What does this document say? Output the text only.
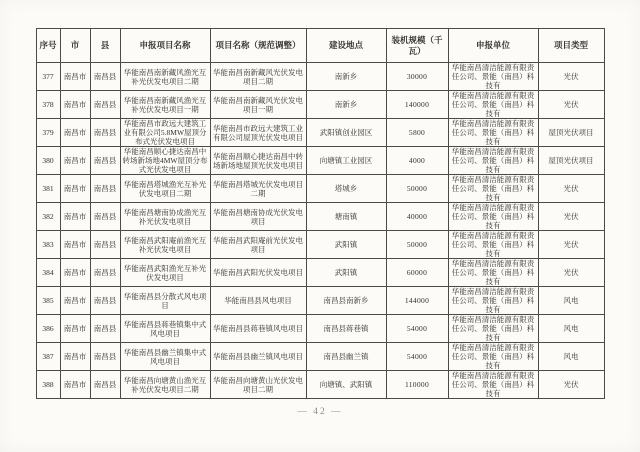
序号	市	县	申报项目名称	项目名称（规范调整）	建设地点	装机规模（千瓦）	申报单位	项目类型
377	南昌市	南昌县	华能南昌南新藏风渔光互补光伏发电项目二期	华能南昌南新藏风光伏发电项目二期	南新乡	30000	华能南昌清洁能源有限责任公司、景能（南昌）科技有	光伏
378	南昌市	南昌县	华能南昌南新藏风渔光互补光伏发电项目一期	华能南昌南新藏风光伏发电项目一期	南新乡	140000	华能南昌清洁能源有限责任公司、景能（南昌）科技有	光伏
379	南昌市	南昌县	华能南昌市政远大建筑工业有限公司5.8MW屋顶分布式光伏发电项目	华能南昌市政远大建筑工业有限公司屋顶光伏发电项目	武阳镇创业园区	5800	华能南昌清洁能源有限责任公司、景能（南昌）科技有	屋顶光伏项目
380	南昌市	南昌县	华能南昌顺心捷达南昌中转场新场地4MW屋顶分布式光伏发电项目	华能南昌顺心捷达南昌中转场新场地屋顶光伏发电项目	向塘镇工业园区	4000	华能南昌清洁能源有限责任公司、景能（南昌）科技有	屋顶光伏项目
381	南昌市	南昌县	华能南昌塔城渔光互补光伏发电项目二期	华能南昌塔城光伏发电项目二期	塔城乡	50000	华能南昌清洁能源有限责任公司、景能（南昌）科技有	光伏
382	南昌市	南昌县	华能南昌塘南协成渔光互补光伏发电项目	华能南昌塘南协成光伏发电项目	塘南镇	40000	华能南昌清洁能源有限责任公司、景能（南昌）科技有	光伏
383	南昌市	南昌县	华能南昌武阳庵前渔光互补光伏发电项目	华能南昌武阳庵前光伏发电项目	武阳镇	50000	华能南昌清洁能源有限责任公司、景能（南昌）科技有	光伏
384	南昌市	南昌县	华能南昌武阳渔光互补光伏发电项目	华能南昌武阳光伏发电项目	武阳镇	60000	华能南昌清洁能源有限责任公司、景能（南昌）科技有	光伏
385	南昌市	南昌县	华能南昌县分散式风电项目	华能南昌县风电项目	南昌县南新乡	144000	华能南昌清洁能源有限责任公司、景能（南昌）科技有	风电
386	南昌市	南昌县	华能南昌县蒋巷镇集中式风电项目	华能南昌县蒋巷镇风电项目	南昌县蒋巷镇	54000	华能南昌清洁能源有限责任公司、景能（南昌）科技有	风电
387	南昌市	南昌县	华能南昌县幽兰镇集中式风电项目	华能南昌县幽兰镇风电项目	南昌县幽兰镇	54000	华能南昌清洁能源有限责任公司、景能（南昌）科技有	风电
388	南昌市	南昌县	华能南昌向塘黄山渔光互补光伏发电项目二期	华能南昌向塘黄山光伏发电项目二期	向塘镇、武阳镇	110000	华能南昌清洁能源有限责任公司、景能（南昌）科技有	光伏
— 42 —
